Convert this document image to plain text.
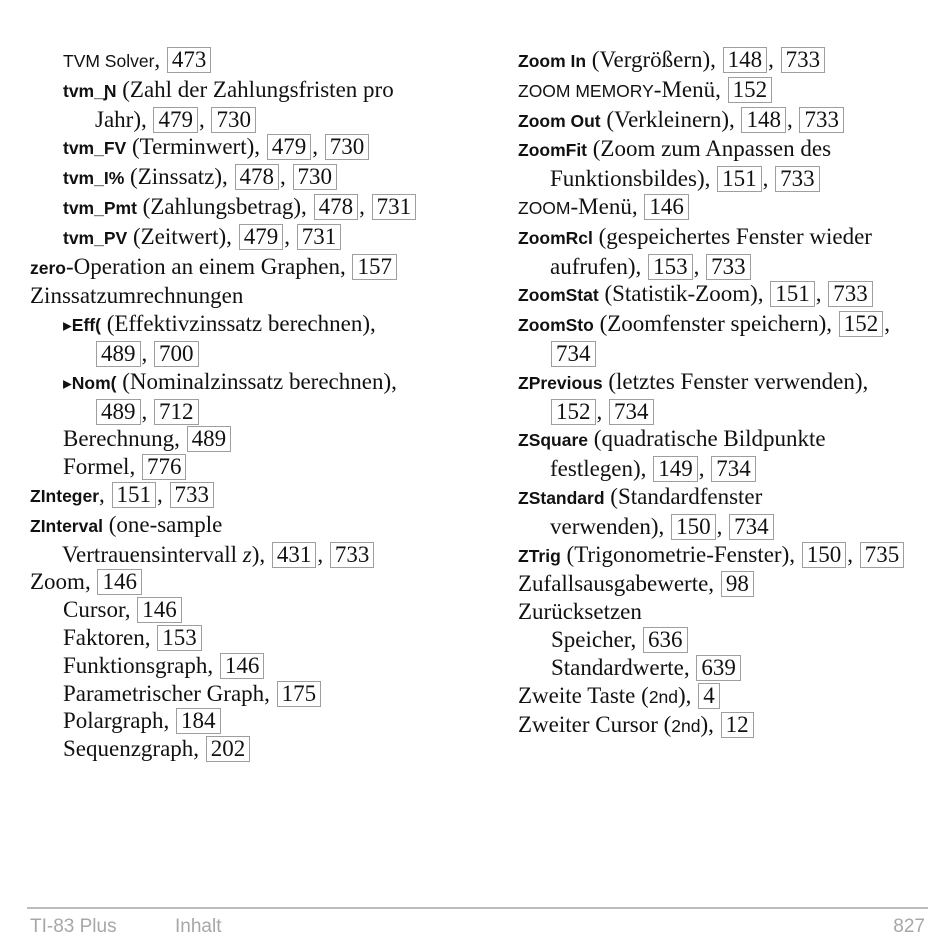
TVM Solver, 473
tvm_Ɲ (Zahl der Zahlungsfristen pro
Jahr), 479 , 730
tvm_FV (Terminwert), 479 , 730
tvm_I% (Zinssatz), 478 , 730
tvm_Pmt (Zahlungsbetrag), 478 , 731
tvm_PV (Zeitwert), 479 , 731
zero-Operation an einem Graphen, 157
Zinssatzumrechnungen
▸Eff( (Effektivzinssatz berechnen),
489 , 700
▸Nom( (Nominalzinssatz berechnen),
489 , 712
Berechnung, 489
Formel, 776
ZInteger, 151 , 733
ZInterval (one-sample
Vertrauensintervall z), 431 , 733
Zoom, 146
Cursor, 146
Faktoren, 153
Funktionsgraph, 146
Parametrischer Graph, 175
Polargraph, 184
Sequenzgraph, 202
Zoom In (Vergrößern), 148 , 733
ZOOM MEMORY-Menü, 152
Zoom Out (Verkleinern), 148 , 733
ZoomFit (Zoom zum Anpassen des
Funktionsbildes), 151 , 733
ZOOM-Menü, 146
ZoomRcl (gespeichertes Fenster wieder
aufrufen), 153 , 733
ZoomStat (Statistik-Zoom), 151 , 733
ZoomSto (Zoomfenster speichern), 152 ,
734
ZPrevious (letztes Fenster verwenden),
152 , 734
ZSquare (quadratische Bildpunkte
festlegen), 149 , 734
ZStandard (Standardfenster
verwenden), 150 , 734
ZTrig (Trigonometrie-Fenster), 150 , 735
Zufallsausgabewerte, 98
Zurücksetzen
Speicher, 636
Standardwerte, 639
Zweite Taste (2nd), 4
Zweiter Cursor (2nd), 12
TI-83 Plus	Inhalt	827
